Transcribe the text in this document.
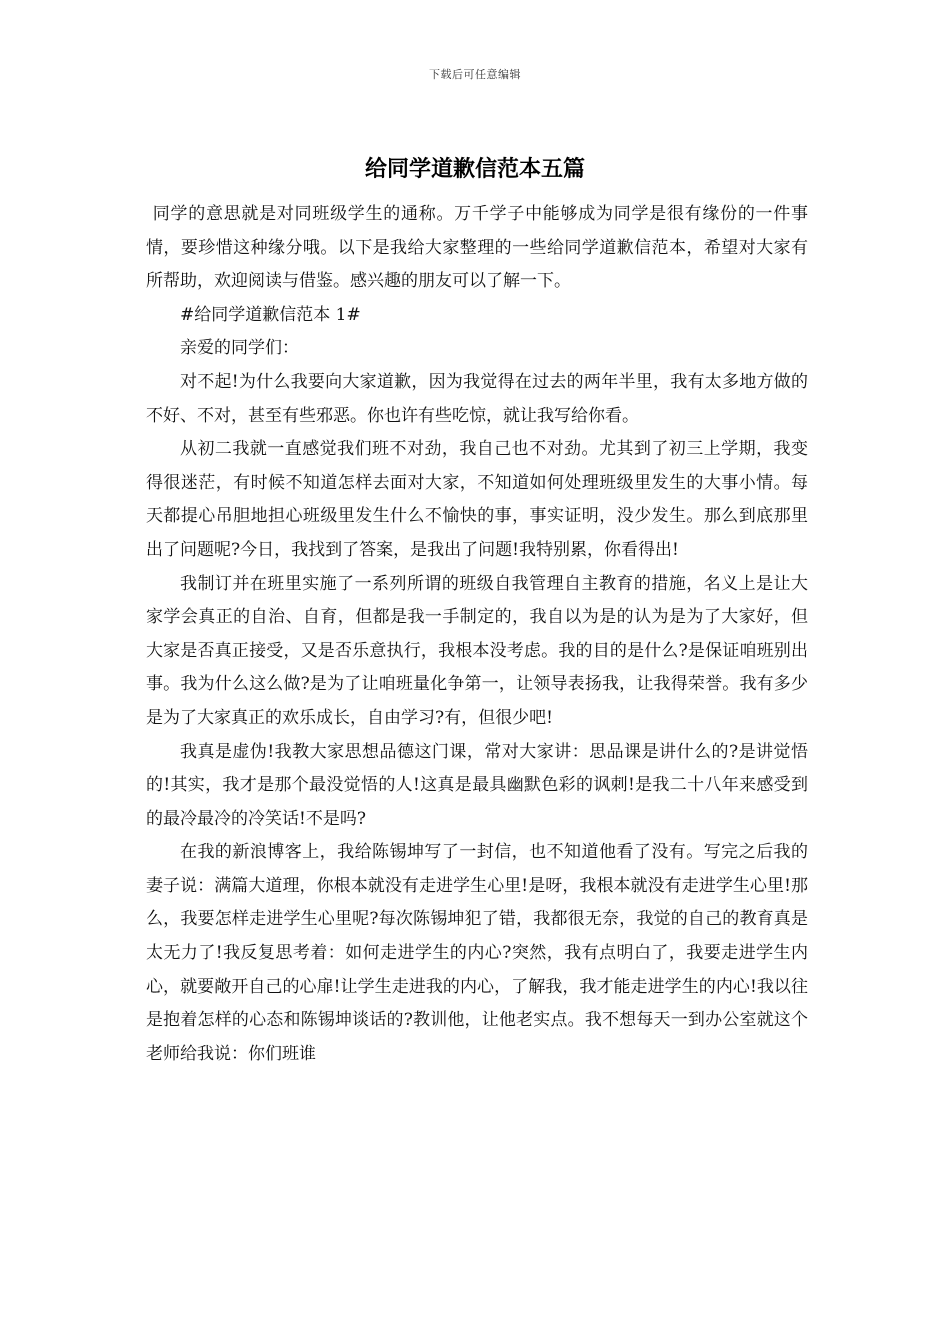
下载后可任意编辑
给同学道歉信范本五篇

同学的意思就是对同班级学生的通称。万千学子中能够成为同学是很有缘份的一件事情，要珍惜这种缘分哦。以下是我给大家整理的一些给同学道歉信范本，希望对大家有所帮助，欢迎阅读与借鉴。感兴趣的朋友可以了解一下。

#给同学道歉信范本 1#

亲爱的同学们：

对不起!为什么我要向大家道歉，因为我觉得在过去的两年半里，我有太多地方做的不好、不对，甚至有些邪恶。你也许有些吃惊，就让我写给你看。

从初二我就一直感觉我们班不对劲，我自己也不对劲。尤其到了初三上学期，我变得很迷茫，有时候不知道怎样去面对大家，不知道如何处理班级里发生的大事小情。每天都提心吊胆地担心班级里发生什么不愉快的事，事实证明，没少发生。那么到底那里出了问题呢?今日，我找到了答案，是我出了问题!我特别累，你看得出!

我制订并在班里实施了一系列所谓的班级自我管理自主教育的措施，名义上是让大家学会真正的自治、自育，但都是我一手制定的，我自以为是的认为是为了大家好，但大家是否真正接受，又是否乐意执行，我根本没考虑。我的目的是什么?是保证咱班别出事。我为什么这么做?是为了让咱班量化争第一，让领导表扬我，让我得荣誉。我有多少是为了大家真正的欢乐成长，自由学习?有，但很少吧!

我真是虚伪!我教大家思想品德这门课，常对大家讲：思品课是讲什么的?是讲觉悟的!其实，我才是那个最没觉悟的人!这真是最具幽默色彩的讽刺!是我二十八年来感受到的最冷最冷的冷笑话!不是吗?

在我的新浪博客上，我给陈锡坤写了一封信，也不知道他看了没有。写完之后我的妻子说：满篇大道理，你根本就没有走进学生心里!是呀，我根本就没有走进学生心里!那么，我要怎样走进学生心里呢?每次陈锡坤犯了错，我都很无奈，我觉的自己的教育真是太无力了!我反复思考着：如何走进学生的内心?突然，我有点明白了，我要走进学生内心，就要敞开自己的心扉!让学生走进我的内心，了解我，我才能走进学生的内心!我以往是抱着怎样的心态和陈锡坤谈话的?教训他，让他老实点。我不想每天一到办公室就这个老师给我说：你们班谁
